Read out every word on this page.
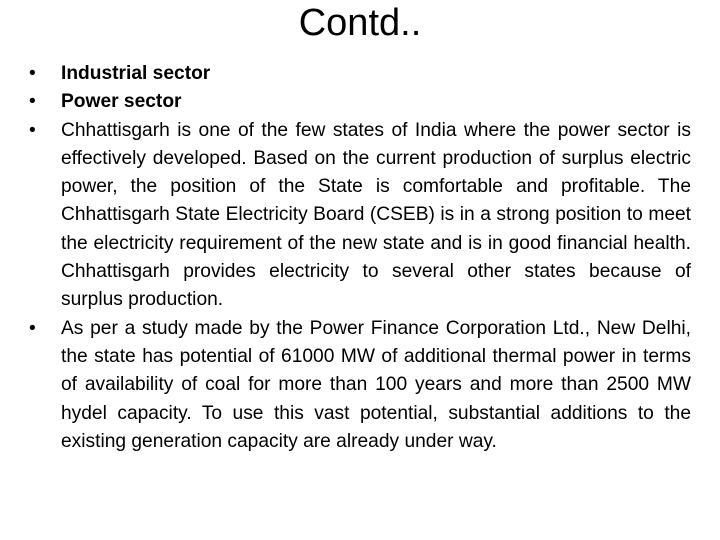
Contd..
•	Industrial sector
•	Power sector
•	Chhattisgarh is one of the few states of India where the power sector is effectively developed. Based on the current production of surplus electric power, the position of the State is comfortable and profitable. The Chhattisgarh State Electricity Board (CSEB) is in a strong position to meet the electricity requirement of the new state and is in good financial health. Chhattisgarh provides electricity to several other states because of surplus production.
•	As per a study made by the Power Finance Corporation Ltd., New Delhi, the state has potential of 61000 MW of additional thermal power in terms of availability of coal for more than 100 years and more than 2500 MW hydel capacity. To use this vast potential, substantial additions to the existing generation capacity are already under way.
